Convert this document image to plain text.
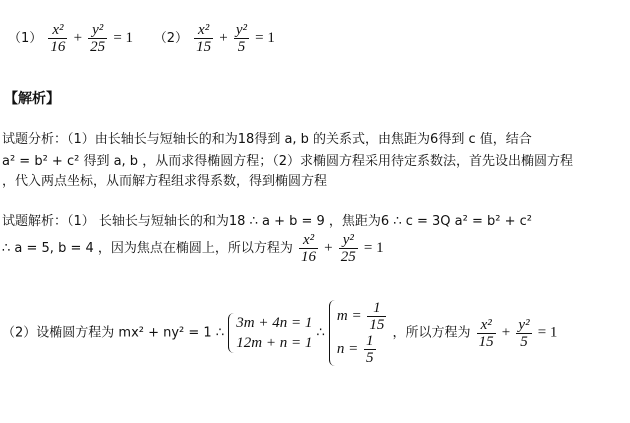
$(1) \frac{\text{x²}}{16} + \frac{\text{y²}}{25} = 1$ $(2) \frac{\text{x²}}{15} + \frac{\text{y²}}{5} = 1$
【解析】
试题分析：（1）由长轴长与短轴长的和为18得到 a, b 的关系式，由焦距为6得到 c 值，结合
a² = b² + c² 得到 a, b ，从而求得椭圆方程；（2）求椭圆方程采用待定系数法，首先设出椭圆方程
，代入两点坐标，从而解方程组求得系数，得到椭圆方程
试题解析：（1） 长轴长与短轴长的和为18 ∴ a + b = 9 ，焦距为6 ∴ c = 3Q a² = b² + c²
∴ a = 5, b = 4 ，因为焦点在椭圆上，所以方程为 $\frac{\text{x²}}{16} + \frac{\text{y²}}{25} = 1$
（2）设椭圆方程为 mx² + ny² = 1 ∴
3m + 4n = 1
12m + n = 1
∴
$m = \frac{1}{15}$
$n = \frac{1}{5}$ ，所以方程为 $\frac{\text{x²}}{15} + \frac{\text{y²}}{5} = 1$
